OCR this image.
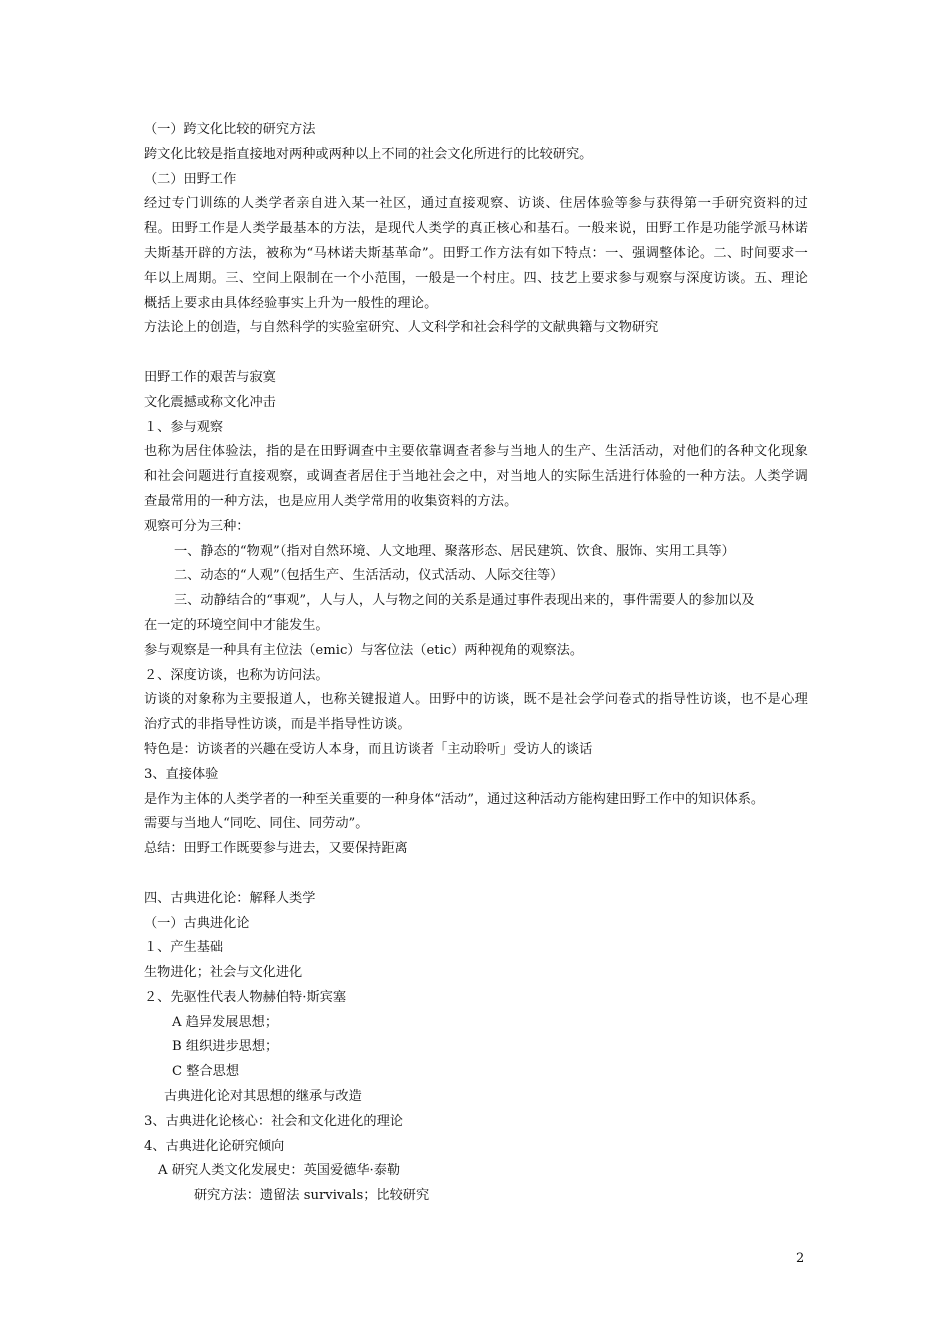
（一）跨文化比较的研究方法
跨文化比较是指直接地对两种或两种以上不同的社会文化所进行的比较研究。
（二）田野工作
经过专门训练的人类学者亲自进入某一社区，通过直接观察、访谈、住居体验等参与获得第一手研究资料的过程。田野工作是人类学最基本的方法，是现代人类学的真正核心和基石。一般来说，田野工作是功能学派马林诺夫斯基开辟的方法，被称为“马林诺夫斯基革命”。田野工作方法有如下特点：一、强调整体论。二、时间要求一年以上周期。三、空间上限制在一个小范围，一般是一个村庄。四、技艺上要求参与观察与深度访谈。五、理论概括上要求由具体经验事实上升为一般性的理论。
方法论上的创造，与自然科学的实验室研究、人文科学和社会科学的文献典籍与文物研究
田野工作的艰苦与寂寞
文化震撼或称文化冲击
１、参与观察
也称为居住体验法，指的是在田野调查中主要依靠调查者参与当地人的生产、生活活动，对他们的各种文化现象和社会问题进行直接观察，或调查者居住于当地社会之中，对当地人的实际生活进行体验的一种方法。人类学调查最常用的一种方法，也是应用人类学常用的收集资料的方法。
观察可分为三种：
一、静态的“物观”（指对自然环境、人文地理、聚落形态、居民建筑、饮食、服饰、实用工具等）
二、动态的“人观”（包括生产、生活活动，仪式活动、人际交往等）
三、动静结合的“事观”，人与人，人与物之间的关系是通过事件表现出来的，事件需要人的参加以及
在一定的环境空间中才能发生。
参与观察是一种具有主位法（emic）与客位法（etic）两种视角的观察法。
２、深度访谈，也称为访问法。
访谈的对象称为主要报道人，也称关键报道人。田野中的访谈，既不是社会学问卷式的指导性访谈，也不是心理治疗式的非指导性访谈，而是半指导性访谈。
特色是：访谈者的兴趣在受访人本身，而且访谈者「主动聆听」受访人的谈话
3、直接体验
是作为主体的人类学者的一种至关重要的一种身体“活动”，通过这种活动方能构建田野工作中的知识体系。
需要与当地人“同吃、同住、同劳动”。
总结：田野工作既要参与进去，又要保持距离
四、古典进化论：解释人类学
（一）古典进化论
１、产生基础
生物进化；社会与文化进化
２、先驱性代表人物赫伯特·斯宾塞
A 趋异发展思想；
B 组织进步思想；
C 整合思想
古典进化论对其思想的继承与改造
3、古典进化论核心：社会和文化进化的理论
4、古典进化论研究倾向
A 研究人类文化发展史：英国爱德华·泰勒
研究方法：遗留法 survivals；比较研究
2
